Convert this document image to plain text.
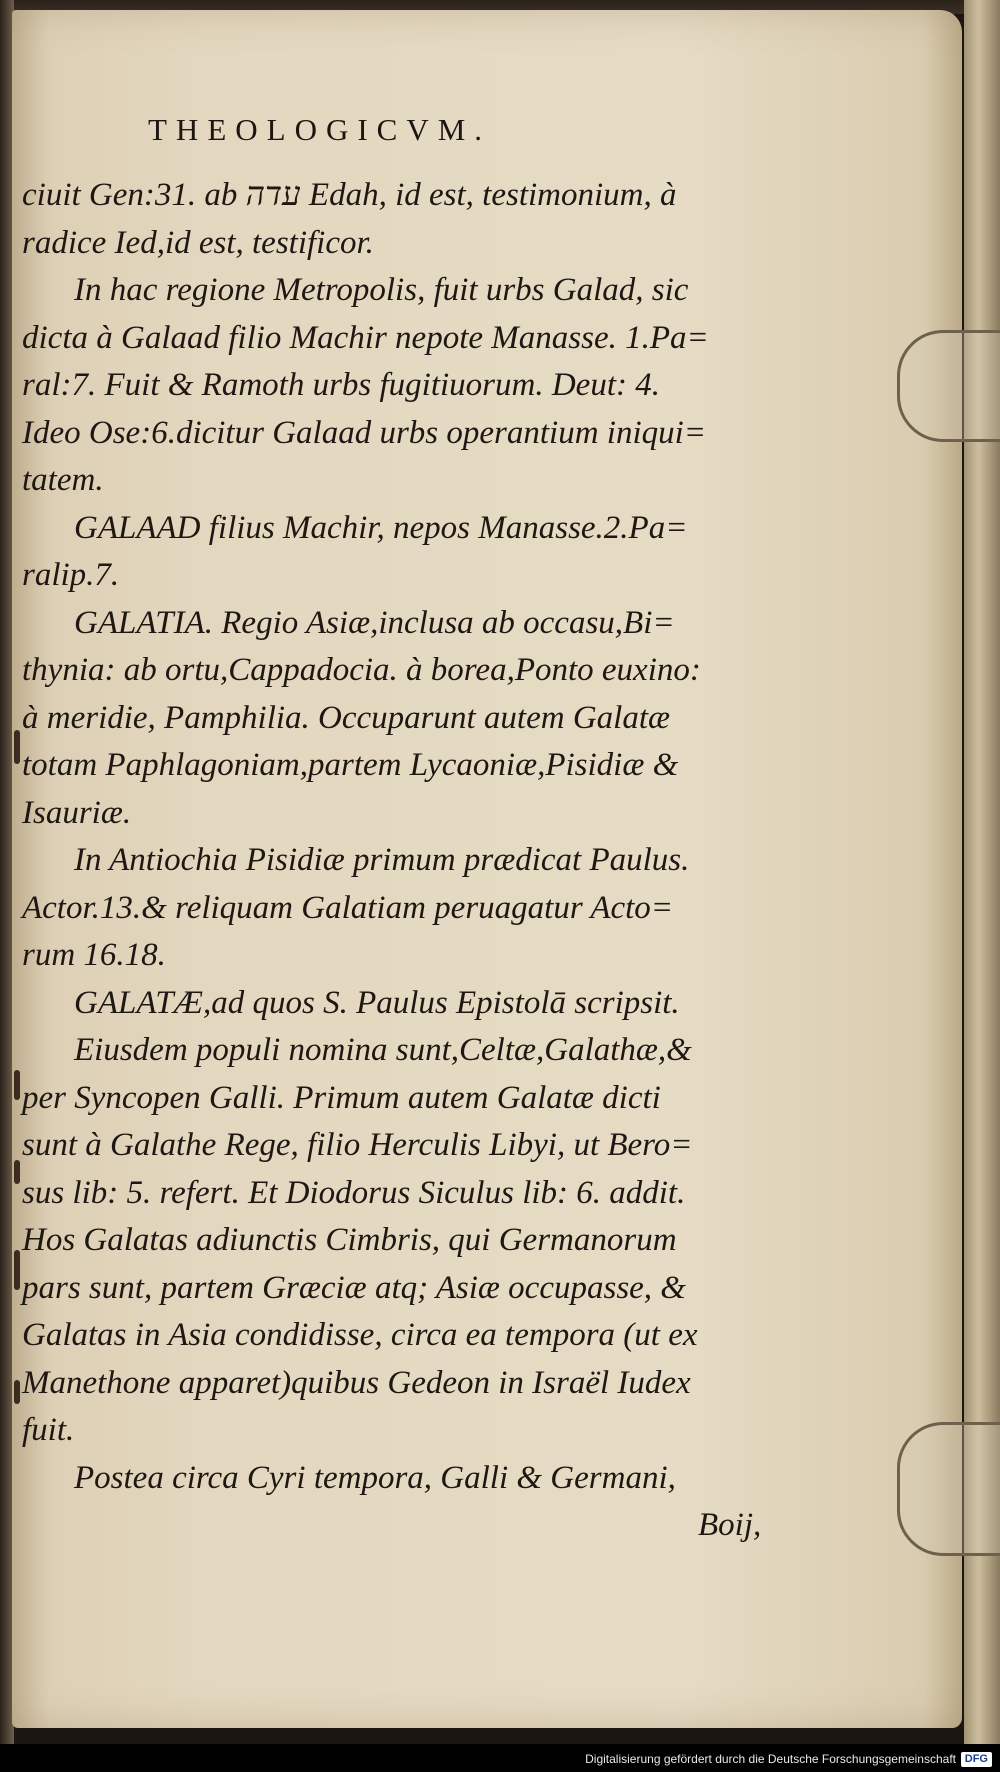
THEOLOGICVM.
ciuit Gen:31. ab עדה Edah, id est, testimonium, à
radice Ied,id est, testificor.
In hac regione Metropolis, fuit urbs Galad, sic
dicta à Galaad filio Machir nepote Manasse. 1.Pa=
ral:7. Fuit & Ramoth urbs fugitiuorum. Deut: 4.
Ideo Ose:6.dicitur Galaad urbs operantium iniqui=
tatem.
GALAAD filius Machir, nepos Manasse.2.Pa=
ralip.7.
GALATIA. Regio Asiæ,inclusa ab occasu,Bi=
thynia: ab ortu,Cappadocia. à borea,Ponto euxino:
à meridie, Pamphilia. Occuparunt autem Galatæ
totam Paphlagoniam,partem Lycaoniæ,Pisidiæ &
Isauriæ.
In Antiochia Pisidiæ primum prædicat Paulus.
Actor.13.& reliquam Galatiam peruagatur Acto=
rum 16.18.
GALATÆ,ad quos S. Paulus Epistolā scripsit.
Eiusdem populi nomina sunt,Celtæ,Galathæ,&
per Syncopen Galli. Primum autem Galatæ dicti
sunt à Galathe Rege, filio Herculis Libyi, ut Bero=
sus lib: 5. refert. Et Diodorus Siculus lib: 6. addit.
Hos Galatas adiunctis Cimbris, qui Germanorum
pars sunt, partem Græciæ atq; Asiæ occupasse, &
Galatas in Asia condidisse, circa ea tempora (ut ex
Manethone apparet)quibus Gedeon in Israël Iudex
fuit.
Postea circa Cyri tempora, Galli & Germani,
Boij,
Digitalisierung gefördert durch die Deutsche Forschungsgemeinschaft DFG
